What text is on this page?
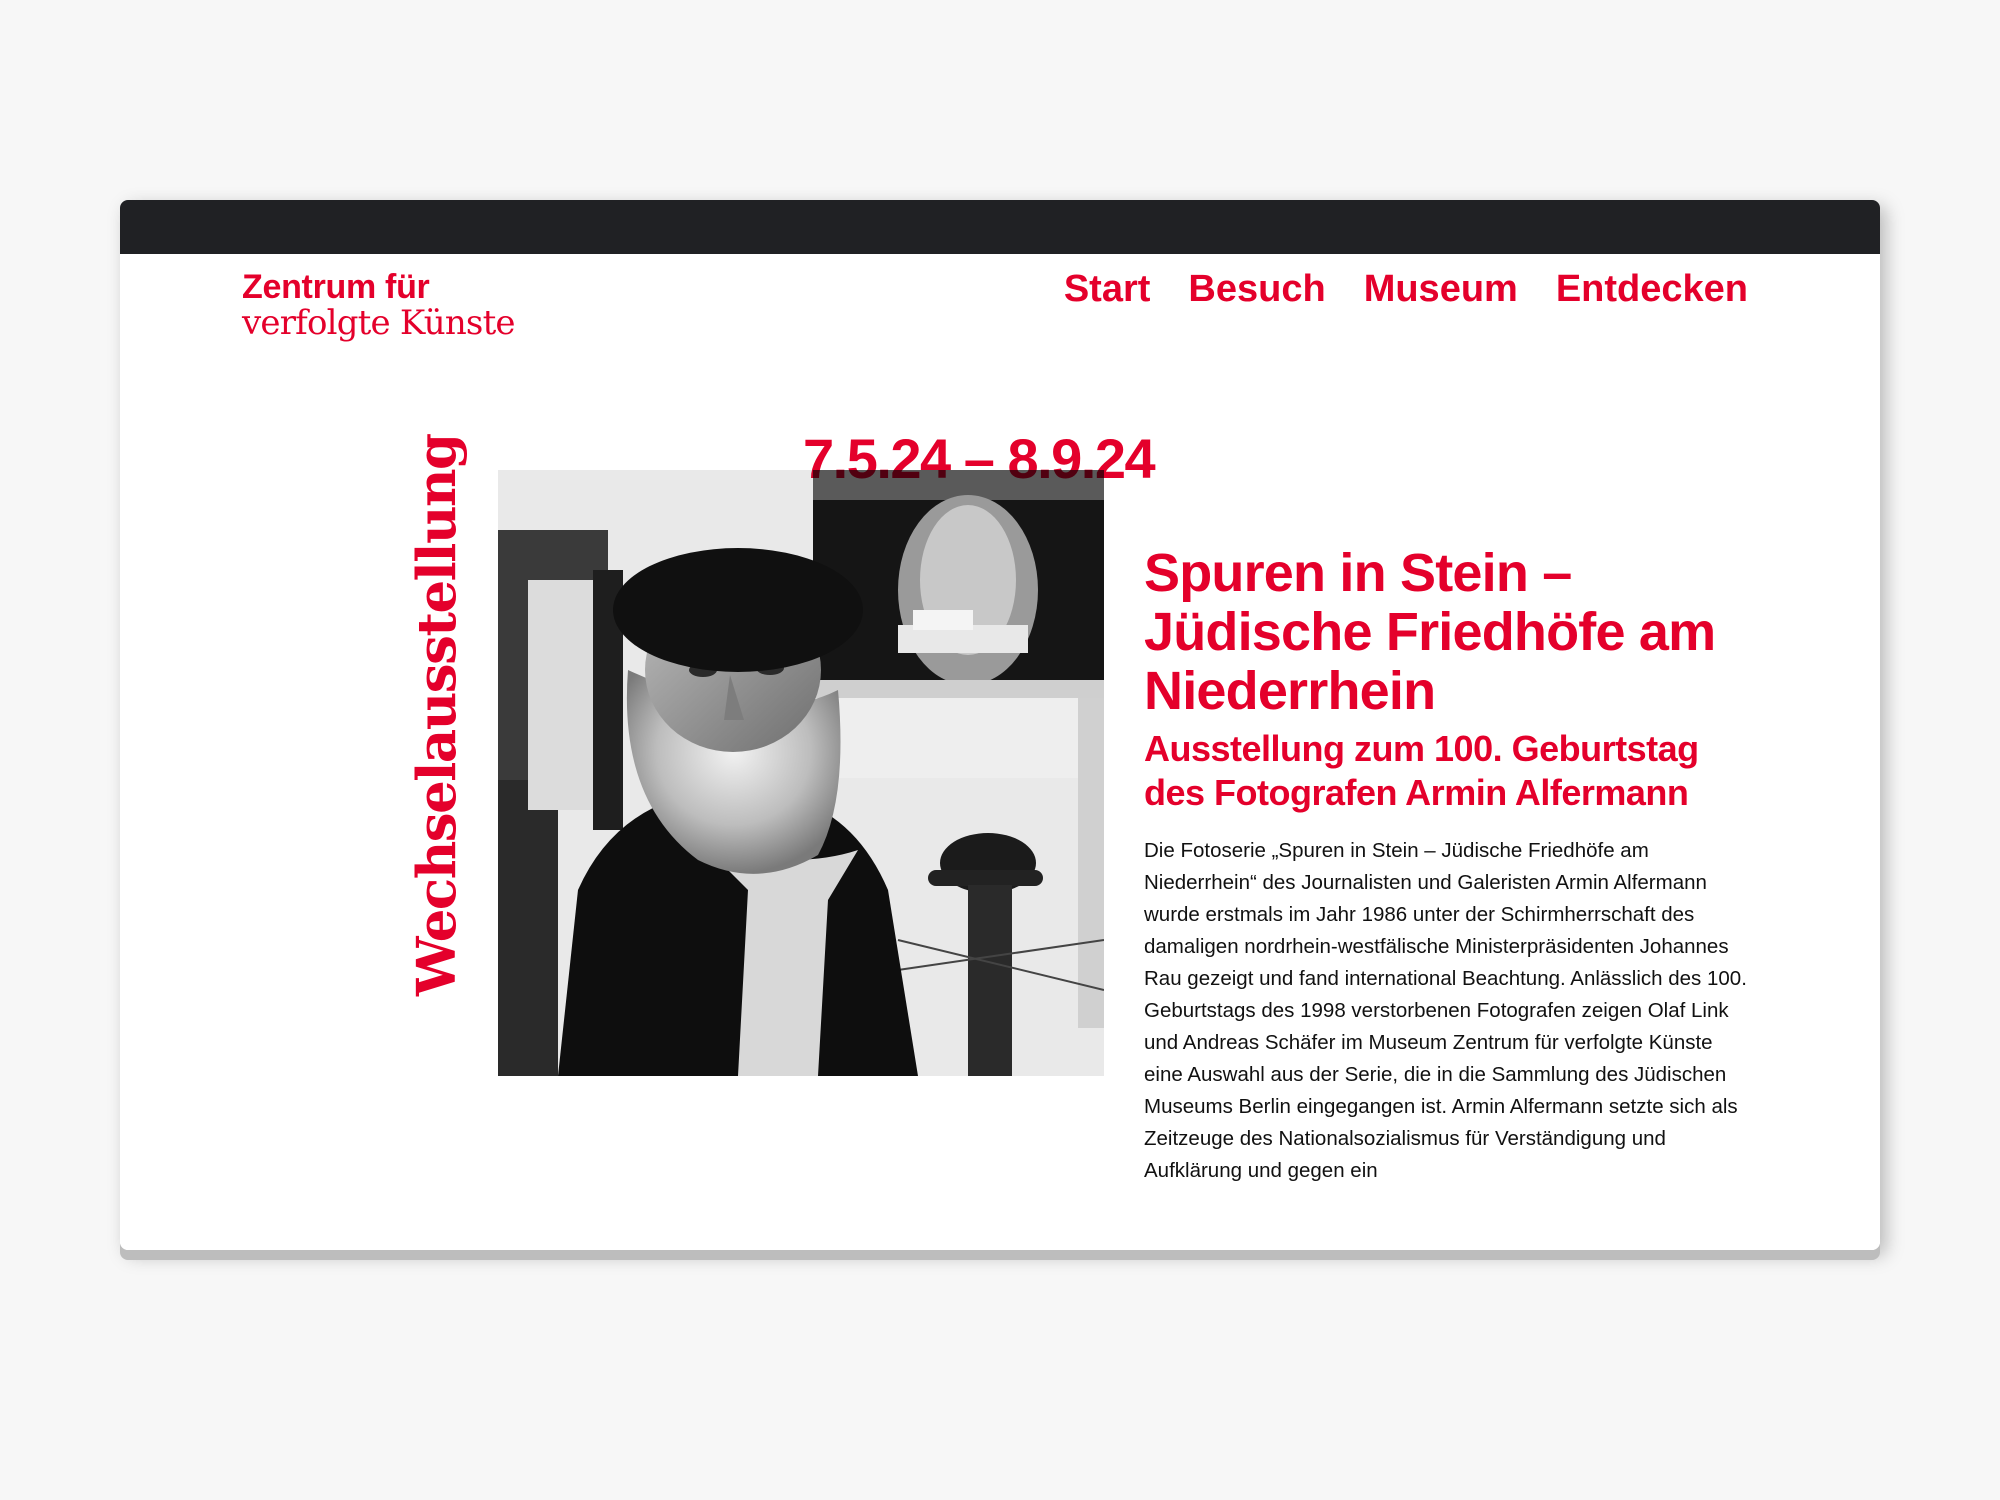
Zentrum für
verfolgte Künste
Start Besuch Museum Entdecken
Wechselausstellung	7.5.24 – 8.9.24
Spuren in Stein – Jüdische Friedhöfe am Niederrhein
Ausstellung zum 100. Geburtstag des Fotografen Armin Alfermann

Die Fotoserie „Spuren in Stein – Jüdische Friedhöfe am Niederrhein“ des Journalisten und Galeristen Armin Alfermann wurde erstmals im Jahr 1986 unter der Schirmherrschaft des damaligen nordrhein-westfälische Ministerpräsidenten Johannes Rau gezeigt und fand international Beachtung. Anlässlich des 100. Geburtstags des 1998 verstorbenen Fotografen zeigen Olaf Link und Andreas Schäfer im Museum Zentrum für verfolgte Künste eine Auswahl aus der Serie, die in die Sammlung des Jüdischen Museums Berlin eingegangen ist. Armin Alfermann setzte sich als Zeitzeuge des Nationalsozialismus für Verständigung und Aufklärung und gegen ein
